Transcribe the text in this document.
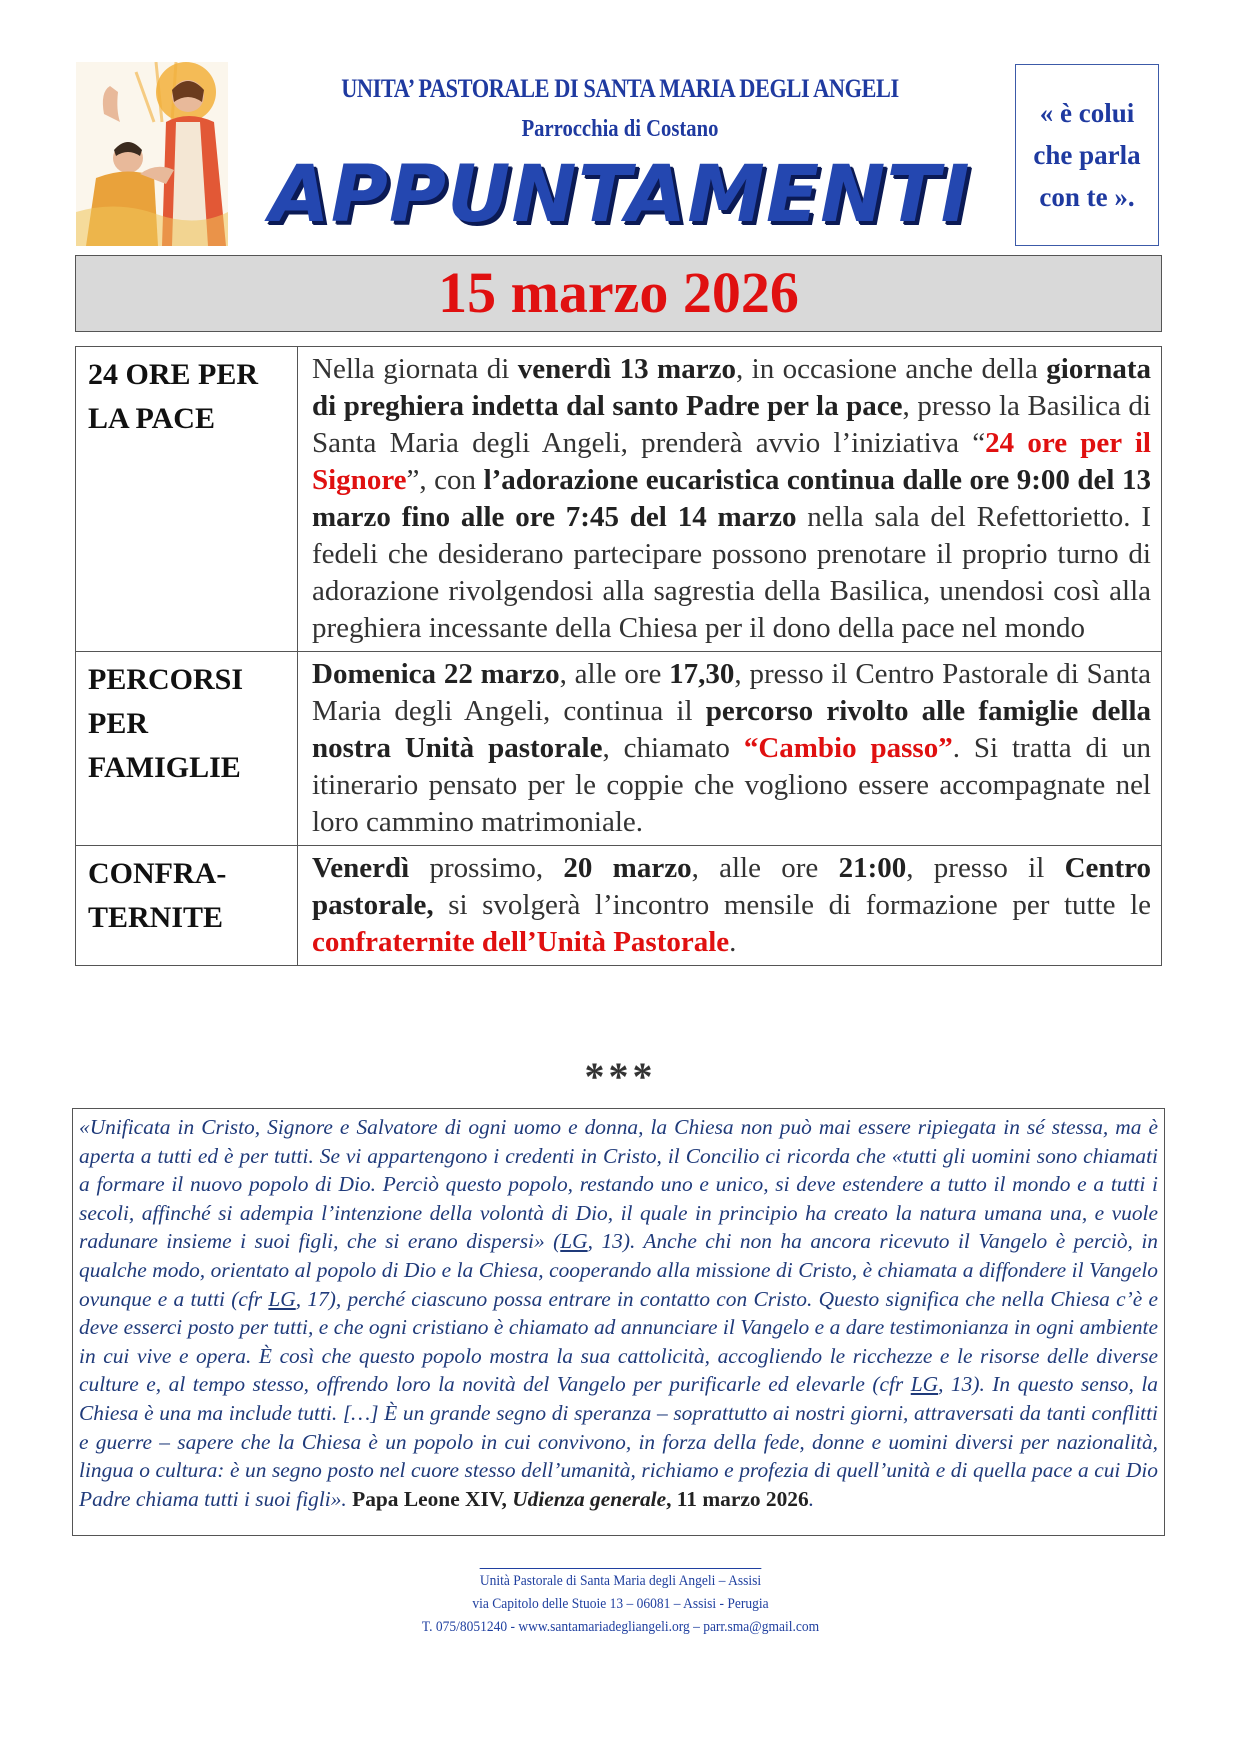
UNITA’ PASTORALE DI SANTA MARIA DEGLI ANGELI
Parrocchia di Costano
APPUNTAMENTI
« è colui che parla con te ».
15 marzo 2026
24 ORE PER LA PACE	Nella giornata di venerdì 13 marzo, in occasione anche della giornata di preghiera indetta dal santo Padre per la pace, presso la Basilica di Santa Maria degli Angeli, prenderà avvio l’iniziativa “24 ore per il Signore”, con l’adorazione eucaristica continua dalle ore 9:00 del 13 marzo fino alle ore 7:45 del 14 marzo nella sala del Refettorietto. I fedeli che desiderano partecipare possono prenotare il proprio turno di adorazione rivolgendosi alla sagrestia della Basilica, unendosi così alla preghiera incessante della Chiesa per il dono della pace nel mondo
PERCORSI PER FAMIGLIE	Domenica 22 marzo, alle ore 17,30, presso il Centro Pastorale di Santa Maria degli Angeli, continua il percorso rivolto alle famiglie della nostra Unità pastorale, chiamato “Cambio passo”. Si tratta di un itinerario pensato per le coppie che vogliono essere accompagnate nel loro cammino matrimoniale.
CONFRA-TERNITE	Venerdì prossimo, 20 marzo, alle ore 21:00, presso il Centro pastorale, si svolgerà l’incontro mensile di formazione per tutte le confraternite dell’Unità Pastorale.
***
«Unificata in Cristo, Signore e Salvatore di ogni uomo e donna, la Chiesa non può mai essere ripiegata in sé stessa, ma è aperta a tutti ed è per tutti. Se vi appartengono i credenti in Cristo, il Concilio ci ricorda che «tutti gli uomini sono chiamati a formare il nuovo popolo di Dio. Perciò questo popolo, restando uno e unico, si deve estendere a tutto il mondo e a tutti i secoli, affinché si adempia l’intenzione della volontà di Dio, il quale in principio ha creato la natura umana una, e vuole radunare insieme i suoi figli, che si erano dispersi» (LG, 13). Anche chi non ha ancora ricevuto il Vangelo è perciò, in qualche modo, orientato al popolo di Dio e la Chiesa, cooperando alla missione di Cristo, è chiamata a diffondere il Vangelo ovunque e a tutti (cfr LG, 17), perché ciascuno possa entrare in contatto con Cristo. Questo significa che nella Chiesa c’è e deve esserci posto per tutti, e che ogni cristiano è chiamato ad annunciare il Vangelo e a dare testimonianza in ogni ambiente in cui vive e opera. È così che questo popolo mostra la sua cattolicità, accogliendo le ricchezze e le risorse delle diverse culture e, al tempo stesso, offrendo loro la novità del Vangelo per purificarle ed elevarle (cfr LG, 13). In questo senso, la Chiesa è una ma include tutti. […] È un grande segno di speranza – soprattutto ai nostri giorni, attraversati da tanti conflitti e guerre – sapere che la Chiesa è un popolo in cui convivono, in forza della fede, donne e uomini diversi per nazionalità, lingua o cultura: è un segno posto nel cuore stesso dell’umanità, richiamo e profezia di quell’unità e di quella pace a cui Dio Padre chiama tutti i suoi figli». Papa Leone XIV, Udienza generale, 11 marzo 2026.
Unità Pastorale di Santa Maria degli Angeli – Assisi
via Capitolo delle Stuoie 13 – 06081 – Assisi - Perugia
T. 075/8051240 - www.santamariadegliangeli.org – parr.sma@gmail.com
